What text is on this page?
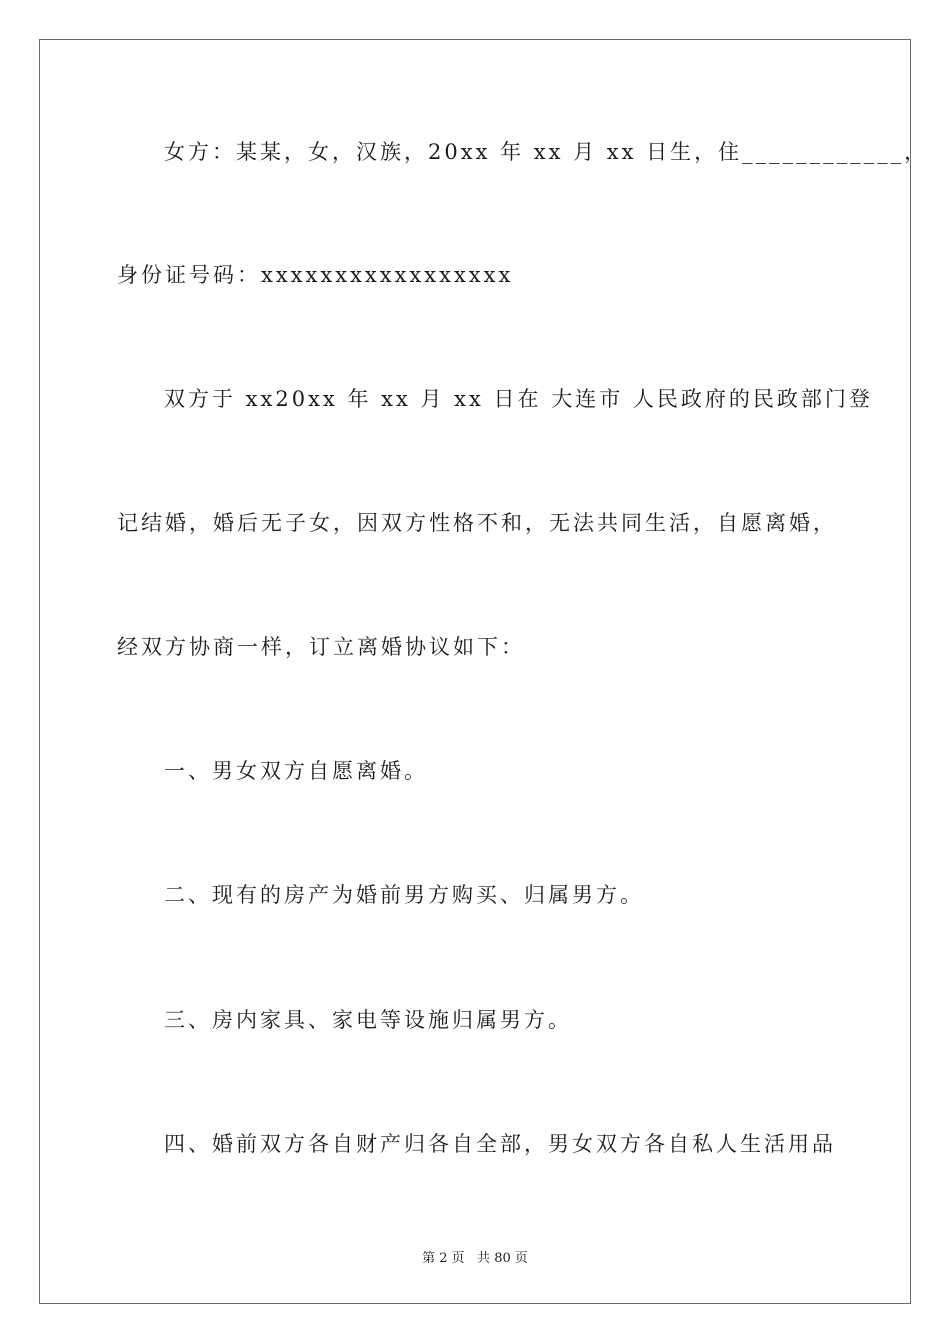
女方：某某，女，汉族，20xx 年 xx 月 xx 日生，住____________，
身份证号码：xxxxxxxxxxxxxxxxx
双方于 xx20xx 年 xx 月 xx 日在 大连市 人民政府的民政部门登
记结婚，婚后无子女，因双方性格不和，无法共同生活，自愿离婚，
经双方协商一样，订立离婚协议如下：
一、男女双方自愿离婚。
二、现有的房产为婚前男方购买、归属男方。
三、房内家具、家电等设施归属男方。
四、婚前双方各自财产归各自全部，男女双方各自私人生活用品
第 2 页   共 80 页
